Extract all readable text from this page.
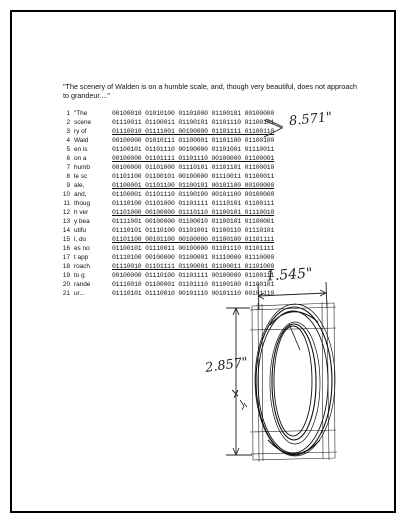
"The scenery of Walden is on a humble scale, and, though very beautiful, does not approach to grandeur...."
1 "The	00100010 01010100 01101000 01100101 00100000
2 scene	01110011 01100011 01100101 01101110 01100101
3 ry of	01110010 01111001 00100000 01101111 01100110
4 Wald	00100000 01010111 01100001 01101100 01100100
5 en is	01100101 01101110 00100000 01101001 01110011
6 on a	00100000 01101111 01101110 00100000 01100001
7 humb	00100000 01101000 01110101 01101101 01100010
8 le sc	01101100 01100101 00100000 01110011 01100011
9 ale,	01100001 01101100 01100101 00101100 00100000
10 and,	01100001 01101110 01100100 00101100 00100000
11 thoug	01110100 01101000 01101111 01110101 01100111
12 h ver	01101000 00100000 01110110 01100101 01110010
13 y bea	01111001 00100000 01100010 01100101 01100001
14 utifu	01110101 01110100 01101001 01100110 01110101
15 l, do	01101100 00101100 00100000 01100100 01101111
16 es no	01100101 01110011 00100000 01101110 01101111
17 t app	01110100 00100000 01100001 01110000 01110000
18 roach	01110010 01101111 01100001 01100011 01101000
19 to g	00100000 01110100 01101111 00100000 01100111
20 rande	01110010 01100001 01101110 01100100 01100101
21 ur...	01110101 01110010 00101110 00101110 00101110
8.571"
1.545"
2.857"
